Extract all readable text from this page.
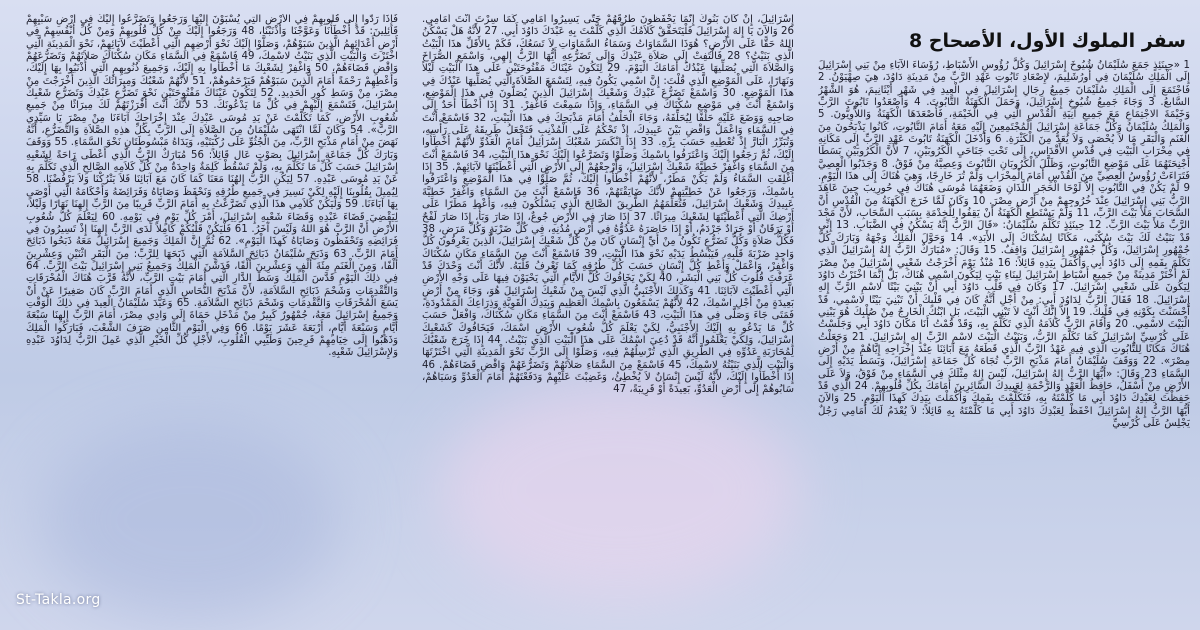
سفر الملوك الأول، الأصحاح 8

1 «حِينَئِذٍ جَمَعَ سُلَيْمَانُ شُيُوخَ إِسْرَائِيلَ وَكُلَّ رُؤُوسِ الأَسْبَاطِ، رُؤَسَاءَ الآبَاءِ مِنْ بَنِي إِسْرَائِيلَ إِلَى الْمَلِكِ سُلَيْمَانَ فِي أُورُشَلِيمَ، لإِصْعَادِ تَابُوتِ عَهْدِ الرَّبِّ مِنْ مَدِينَةِ دَاوُدَ، هِيَ صِهْيَوْنُ. 2 فَاجْتَمَعَ إِلَى الْمَلِكِ سُلَيْمَانَ جَمِيعُ رِجَالِ إِسْرَائِيلَ فِي الْعِيدِ فِي شَهْرِ أَيْثَانِيمَ، هُوَ الشَّهْرُ السَّابعُ. 3 وَجَاءَ جَمِيعُ شُيُوخِ إِسْرَائِيلَ، وَحَمَلَ الْكَهَنَةُ التَّابُوتَ. 4 وَأَصْعَدُوا تَابُوتَ الرَّبِّ وَخَيْمَةَ الاجْتِمَاعِ مَعَ جَمِيعِ آنِيَةِ الْقُدْسِ الَّتِي فِي الْخَيْمَةِ، فَأَصْعَدَهَا الْكَهَنَةُ وَاللاَّوِيُّونَ. 5 وَالْمَلِكُ سُلَيْمَانُ وَكُلُّ جَمَاعَةِ إِسْرَائِيلَ الْمُجْتَمِعِينَ إِلَيْهِ مَعَهُ أَمَامَ التَّابُوتِ، كَانُوا يَذْبَحُونَ مِنَ الْغَنَمِ وَالْبَقَرِ مَا لاَ يُحْصَى وَلاَ يُعَدُّ مِنَ الْكَثْرَةِ. 6 وَأَدْخَلَ الْكَهَنَةُ تَابُوتَ عَهْدِ الرَّبِّ إِلَى مَكَانِهِ فِي مِحْرَابِ الْبَيْتِ فِي قُدْسِ الأَقْدَاسِ، إِلَى تَحْتِ جَنَاحَيِ الْكَرُوبَيْنِ، 7 لأَنَّ الْكَرُوبَيْنِ بَسَطَا أَجْنِحَتَهُمَا عَلَى مَوْضِعِ التَّابُوتِ، وَظَلَّلَ الْكَرُوبَانِ التَّابُوتَ وَعِصِيَّهُ مِنْ فَوْقُ. 8 وَجَذَبُوا الْعِصِيَّ فَتَرَاءَتْ رُؤُوسُ الْعِصِيِّ مِنَ الْقُدْسِ أَمَامَ الْمِحْرَابِ وَلَمْ تُرَ خَارِجًا، وَهِيَ هُنَاكَ إِلَى هذَا الْيَوْمِ. 9 لَمْ يَكُنْ فِي التَّابُوتِ إِلاَّ لَوْحَا الْحَجَرِ اللَّذَانِ وَضَعَهُمَا مُوسَى هُنَاكَ فِي حُورِيبَ حِينَ عَاهَدَ الرَّبُّ بَنِي إِسْرَائِيلَ عِنْدَ خُرُوجِهِمْ مِنْ أَرْضِ مِصْرَ. 10 وَكَانَ لَمَّا خَرَجَ الْكَهَنَةُ مِنَ الْقُدْسِ أَنَّ السَّحَابَ مَلأَ بَيْتَ الرَّبِّ، 11 وَلَمْ يَسْتَطِعِ الْكَهَنَةُ أَنْ يَقِفُوا لِلْخِدْمَةِ بِسَبَبِ السَّحَابِ، لأَنَّ مَجْدَ الرَّبِّ مَلأَ بَيْتَ الرَّبِّ. 12 حِينَئِذٍ تَكَلَّمَ سُلَيْمَانُ: «قَالَ الرَّبُّ إِنَّهُ يَسْكُنُ فِي الضَّبَابِ. 13 إِنِّي قَدْ بَنَيْتُ لَكَ بَيْتَ سُكْنَى، مَكَانًا لِسُكْنَاكَ إِلَى الأَبَدِ». 14 وَحَوَّلَ الْمَلِكُ وَجْهَهُ وَبَارَكَ كُلَّ جُمْهُورِ إِسْرَائِيلَ، وَكُلُّ جُمْهُورِ إِسْرَائِيلَ وَاقِفٌ. 15 وَقَالَ: «مُبَارَكٌ الرَّبُّ إِلهُ إِسْرَائِيلَ الَّذِي تَكَلَّمَ بِفَمِهِ إِلَى دَاوُدَ أَبِي وَأَكْمَلَ بِيَدِهِ قَائِلاً: 16 مُنْذُ يَوْمَ أَخْرَجْتُ شَعْبِي إِسْرَائِيلَ مِنْ مِصْرَ لَمْ أَخْتَرْ مَدِينَةً مِنْ جَمِيعِ أَسْبَاطِ إِسْرَائِيلَ لِبِنَاءِ بَيْتٍ لِيَكُونَ اسْمِي هُنَاكَ، بَلْ إِنَّمَا اخْتَرْتُ دَاوُدَ لِيَكُونَ عَلَى شَعْبِي إِسْرَائِيلَ. 17 وَكَانَ فِي قَلْبِ دَاوُدَ أَبِي أَنْ يَبْنِيَ بَيْتًا لاسْمِ الرَّبِّ إِلهِ إِسْرَائِيلَ. 18 فَقَالَ الرَّبُّ لِدَاوُدَ أَبِي: مِنْ أَجْلِ أَنَّهُ كَانَ فِي قَلْبِكَ أَنْ تَبْنِيَ بَيْتًا لاسْمِي، قَدْ أَحْسَنْتَ بِكَوْنِهِ فِي قَلْبِكَ. 19 إِلاَّ إِنَّكَ أَنْتَ لاَ تَبْنِي الْبَيْتَ، بَلِ ابْنُكَ الْخَارِجُ مِنْ صُلْبِكَ هُوَ يَبْنِي الْبَيْتَ لاسْمِي. 20 وَأَقَامَ الرَّبُّ كَلاَمَهُ الَّذِي تَكَلَّمَ بِهِ، وَقَدْ قُمْتُ أَنَا مَكَانَ دَاوُدَ أَبِي وَجَلَسْتُ عَلَى كُرْسِيِّ إِسْرَائِيلَ كَمَا تَكَلَّمَ الرَّبُّ، وَبَنَيْتُ الْبَيْتَ لاسْمِ الرَّبِّ إِلهِ إِسْرَائِيلَ. 21 وَجَعَلْتُ هُنَاكَ مَكَانًا لِلتَّابُوتِ الَّذِي فِيهِ عَهْدُ الرَّبِّ الَّذِي قَطَعَهُ مَعَ آبَائِنَا عِنْدَ إِخْرَاجِهِ إِيَّاهُمْ مِنْ أَرْضِ مِصْرَ». 22 وَوَقَفَ سُلَيْمَانُ أَمَامَ مَذْبَحِ الرَّبِّ تُجَاهَ كُلِّ جَمَاعَةِ إِسْرَائِيلَ، وَبَسَطَ يَدَيْهِ إِلَى السَّمَاءِ 23 وَقَالَ: «أَيُّهَا الرَّبُّ إِلهُ إِسْرَائِيلَ، لَيْسَ إِلهٌ مِثْلَكَ فِي السَّمَاءِ مِنْ فَوْقُ، وَلاَ عَلَى الأَرْضِ مِنْ أَسْفَلُ، حَافِظُ الْعَهْدِ وَالرَّحْمَةِ لِعَبِيدِكَ السَّائِرِينَ أَمَامَكَ بِكُلِّ قُلُوبِهِمْ. 24 الَّذِي قَدْ حَفِظْتَ لِعَبْدِكَ دَاوُدَ أَبِي مَا كَلَّمْتَهُ بِهِ، فَتَكَلَّمْتَ بِفَمِكَ وَأَكْمَلْتَ بِيَدِكَ كَهذَا الْيَوْمِ. 25 وَالآنَ أَيُّهَا الرَّبُّ إِلهُ إِسْرَائِيلَ احْفَظْ لِعَبْدِكَ دَاوُدَ أَبِي مَا كَلَّمْتَهُ بِهِ قَائِلاً: لاَ يُعْدَمُ لَكَ أَمَامِي رَجُلٌ يَجْلِسُ عَلَى كُرْسِيِّ

إِسْرَائِيلَ، إِنْ كَانَ بَنُوكَ إِنَّمَا يَحْفَظُونَ طُرُقَهُمْ حَتَّى يَسِيرُوا أَمَامِي كَمَا سِرْتَ أَنْتَ أَمَامِي. 26 وَالآنَ يَا إِلهَ إِسْرَائِيلَ فَلْيَتَحَقَّقْ كَلاَمُكَ الَّذِي كَلَّمْتَ بِهِ عَبْدَكَ دَاوُدَ أَبِي. 27 لأَنَّهُ هَلْ يَسْكُنُ اللهُ حَقًّا عَلَى الأَرْضِ؟ هُوَذَا السَّمَاوَاتُ وَسَمَاءُ السَّمَاوَاتِ لاَ تَسَعُكَ، فَكَمْ بِالأَقَلِّ هذَا الْبَيْتُ الَّذِي بَنَيْتُ؟ 28 فَالْتَفِتْ إِلَى صَلاَةِ عَبْدِكَ وَإِلَى تَضَرُّعِهِ أَيُّهَا الرَّبُّ إِلهِي، وَاسْمَعِ الصُّرَاخَ وَالصَّلاَةَ الَّتِي يُصَلِّيهَا عَبْدُكَ أَمَامَكَ الْيَوْمَ. 29 لِتَكُونَ عَيْنَاكَ مَفْتُوحَتَيْنِ عَلَى هذَا الْبَيْتِ لَيْلاً وَنَهَارًا، عَلَى الْمَوْضِعِ الَّذِي قُلْتَ: إِنَّ اسْمِي يَكُونُ فِيهِ، لِتَسْمَعَ الصَّلاَةَ الَّتِي يُصَلِّيهَا عَبْدُكَ فِي هذَا الْمَوْضِعِ. 30 وَاسْمَعْ تَضَرُّعَ عَبْدِكَ وَشَعْبِكَ إِسْرَائِيلَ الَّذِينَ يُصَلُّونَ فِي هذَا الْمَوْضِعِ، وَاسْمَعْ أَنْتَ فِي مَوْضِعِ سُكْنَاكَ فِي السَّمَاءِ، وَإِذَا سَمِعْتَ فَاغْفِرْ. 31 إِذَا أَخْطَأَ أَحَدٌ إِلَى صَاحِبِهِ وَوَضَعَ عَلَيْهِ حَلْفًا لِيُحَلِّفَهُ، وَجَاءَ الْحَلْفُ أَمَامَ مَذْبَحِكَ فِي هذَا الْبَيْتِ، 32 فَاسْمَعْ أَنْتَ فِي السَّمَاءِ وَاعْمَلْ وَاقْضِ بَيْنَ عَبِيدِكَ، إِذْ تَحْكُمُ عَلَى الْمُذْنِبِ فَتَجْعَلُ طَرِيقَهُ عَلَى رَأْسِهِ، وَتُبَرِّرُ الْبَارَّ إِذْ تُعْطِيهِ حَسَبَ بِرِّهِ. 33 إِذَا انْكَسَرَ شَعْبُكَ إِسْرَائِيلُ أَمَامَ الْعَدُوِّ لأَنَّهُمْ أَخْطَأُوا إِلَيْكَ، ثُمَّ رَجَعُوا إِلَيْكَ وَاعْتَرَفُوا بِاسْمِكَ وَصَلَّوْا وَتَضَرَّعُوا إِلَيْكَ نَحْوَ هذَا الْبَيْتِ، 34 فَاسْمَعْ أَنْتَ مِنَ السَّمَاءِ وَاغْفِرْ خَطِيَّةَ شَعْبِكَ إِسْرَائِيلَ، وَأَرْجِعْهُمْ إِلَى الأَرْضِ الَّتِي أَعْطَيْتَهَا لآبَائِهِمْ. 35 إِذَا أُغْلِقَتِ السَّمَاءُ وَلَمْ يَكُنْ مَطَرٌ، لأَنَّهُمْ أَخْطَأُوا إِلَيْكَ، ثُمَّ صَلَّوْا فِي هذَا الْمَوْضِعِ وَاعْتَرَفُوا بِاسْمِكَ، وَرَجَعُوا عَنْ خَطِيَّتِهِمْ لأَنَّكَ ضَايَقْتَهُمْ، 36 فَاسْمَعْ أَنْتَ مِنَ السَّمَاءِ وَاغْفِرْ خَطِيَّةَ عَبِيدِكَ وَشَعْبِكَ إِسْرَائِيلَ، فَتُعَلِّمَهُمُ الطَّرِيقَ الصَّالِحَ الَّذِي يَسْلُكُونَ فِيهِ، وَأَعْطِ مَطَرًا عَلَى أَرْضِكَ الَّتِي أَعْطَيْتَهَا لِشَعْبِكَ مِيرَاثًا. 37 إِذَا صَارَ فِي الأَرْضِ جُوعٌ، إِذَا صَارَ وَبَأٌ، إِذَا صَارَ لَفْحٌ أَوْ يَرَقَانٌ أَوْ جَرَادٌ جَرْدَمٌ، أَوْ إِذَا حَاصَرَهُ عَدُوُّهُ فِي أَرْضِ مُدُنِهِ، فِي كُلِّ ضَرْبَةٍ وَكُلِّ مَرَضٍ، 38 فَكُلُّ صَلاَةٍ وَكُلُّ تَضَرُّعٍ تَكُونُ مِنْ أَيِّ إِنْسَانٍ كَانَ مِنْ كُلِّ شَعْبِكَ إِسْرَائِيلَ، الَّذِينَ يَعْرِفُونَ كُلُّ وَاحِدٍ ضَرْبَةَ قَلْبِهِ، فَيَبْسُطُ يَدَيْهِ نَحْوَ هذَا الْبَيْتِ، 39 فَاسْمَعْ أَنْتَ مِنَ السَّمَاءِ مَكَانِ سُكْنَاكَ وَاغْفِرْ، وَاعْمَلْ وَأَعْطِ كُلَّ إِنْسَانٍ حَسَبَ كُلِّ طُرُقِهِ كَمَا تَعْرِفُ قَلْبَهُ. لأَنَّكَ أَنْتَ وَحْدَكَ قَدْ عَرَفْتَ قُلُوبَ كُلِّ بَنِي الْبَشَرِ، 40 لِكَيْ يَخَافُوكَ كُلَّ الأَيَّامِ الَّتِي يَحْيَوْنَ فِيهَا عَلَى وَجْهِ الأَرْضِ الَّتِي أَعْطَيْتَ لآبَائِنَا. 41 وَكَذلِكَ الأَجْنَبِيُّ الَّذِي لَيْسَ مِنْ شَعْبِكَ إِسْرَائِيلَ هُوَ، وَجَاءَ مِنْ أَرْضٍ بَعِيدَةٍ مِنْ أَجْلِ اسْمِكَ، 42 لأَنَّهُمْ يَسْمَعُونَ بِاسْمِكَ الْعَظِيمِ وَبِيَدِكَ الْقَوِيَّةِ وَذِرَاعِكَ الْمَمْدُودَةِ، فَمَتَى جَاءَ وَصَلَّى فِي هذَا الْبَيْتِ، 43 فَاسْمَعْ أَنْتَ مِنَ السَّمَاءِ مَكَانِ سُكْنَاكَ، وَافْعَلْ حَسَبَ كُلِّ مَا يَدْعُو بِهِ إِلَيْكَ الأَجْنَبِيُّ، لِكَيْ يَعْلَمَ كُلُّ شُعُوبِ الأَرْضِ اسْمَكَ، فَيَخَافُوكَ كَشَعْبِكَ إِسْرَائِيلَ، وَلِكَيْ يَعْلَمُوا أَنَّهُ قَدْ دُعِيَ اسْمُكَ عَلَى هذَا الْبَيْتِ الَّذِي بَنَيْتُ. 44 إِذَا خَرَجَ شَعْبُكَ لِمُحَارَبَةِ عَدُوِّهِ فِي الطَّرِيقِ الَّذِي تُرْسِلُهُمْ فِيهِ، وَصَلَّوْا إِلَى الرَّبِّ نَحْوَ الْمَدِينَةِ الَّتِي اخْتَرْتَهَا وَالْبَيْتِ الَّذِي بَنَيْتُهُ لاسْمِكَ، 45 فَاسْمَعْ مِنَ السَّمَاءِ صَلاَتَهُمْ وَتَضَرُّعَهُمْ وَاقْضِ قَضَاءَهُمْ. 46 إِذَا أَخْطَأُوا إِلَيْكَ، لأَنَّهُ لَيْسَ إِنْسَانٌ لاَ يُخْطِئُ، وَغَضِبْتَ عَلَيْهِمْ وَدَفَعْتَهُمْ أَمَامَ الْعَدُوِّ وَسَبَاهُمْ، سَابُوهُمْ إِلَى أَرْضِ الْعَدُوِّ، بَعِيدَةً أَوْ قَرِيبَةً، 47

فَإِذَا رَدُّوا إِلَى قُلُوبِهِمْ فِي الأَرْضِ الَّتِي يُسْبَوْنَ إِلَيْهَا وَرَجَعُوا وَتَضَرَّعُوا إِلَيْكَ فِي أَرْضِ سَبْيِهِمْ قَائِلِينَ: قَدْ أَخْطَأْنَا وَعَوَّجْنَا وَأَذْنَبْنَا، 48 وَرَجَعُوا إِلَيْكَ مِنْ كُلِّ قُلُوبِهِمْ وَمِنْ كُلِّ أَنْفُسِهِمْ فِي أَرْضِ أَعْدَائِهِمُ الَّذِينَ سَبَوْهُمْ، وَصَلَّوْا إِلَيْكَ نَحْوَ أَرْضِهِمِ الَّتِي أَعْطَيْتَ لآبَائِهِمْ، نَحْوَ الْمَدِينَةِ الَّتِي اخْتَرْتَ وَالْبَيْتِ الَّذِي بَنَيْتُ لاسْمِكَ، 49 فَاسْمَعْ فِي السَّمَاءِ مَكَانِ سُكْنَاكَ صَلاَتَهُمْ وَتَضَرُّعَهُمْ وَاقْضِ قَضَاءَهُمْ، 50 وَاغْفِرْ لِشَعْبِكَ مَا أَخْطَأُوا بِهِ إِلَيْكَ، وَجَمِيعَ ذُنُوبِهِمِ الَّتِي أَذْنَبُوا بِهَا إِلَيْكَ، وَأَعْطِهِمْ رَحْمَةً أَمَامَ الَّذِينَ سَبَوْهُمْ فَيَرْحَمُوهُمْ، 51 لأَنَّهُمْ شَعْبُكَ وَمِيرَاثُكَ الَّذِينَ أَخْرَجْتَ مِنْ مِصْرَ، مِنْ وَسَطِ كُورِ الْحَدِيدِ. 52 لِتَكُونَ عَيْنَاكَ مَفْتُوحَتَيْنِ نَحْوَ تَضَرُّعِ عَبْدِكَ وَتَضَرُّعِ شَعْبِكَ إِسْرَائِيلَ، فَتَسْمَعَ إِلَيْهِمْ فِي كُلِّ مَا يَدْعُونَكَ. 53 لأَنَّكَ أَنْتَ أَفْرَزْتَهُمْ لَكَ مِيرَاثًا مِنْ جَمِيعِ شُعُوبِ الأَرْضِ، كَمَا تَكَلَّمْتَ عَنْ يَدِ مُوسَى عَبْدِكَ عِنْدَ إِخْرَاجِكَ آبَاءَنَا مِنْ مِصْرَ يَا سَيِّدِي الرَّبَّ». 54 وَكَانَ لَمَّا انْتَهَى سُلَيْمَانُ مِنَ الصَّلاَةِ إِلَى الرَّبِّ بِكُلِّ هذِهِ الصَّلاَةِ وَالتَّضَرُّعِ، أَنَّهُ نَهَضَ مِنْ أَمَامِ مَذْبَحِ الرَّبِّ، مِنَ الْجُثُوِّ عَلَى رُكْبَتَيْهِ، وَيَدَاهُ مَبْسُوطَتَانِ نَحْوَ السَّمَاءِ. 55 وَوَقَفَ وَبَارَكَ كُلَّ جَمَاعَةِ إِسْرَائِيلَ بِصَوْتٍ عَال قَائِلاً: 56 مُبَارَكٌ الرَّبُّ الَّذِي أَعْطَى رَاحَةً لِشَعْبِهِ إِسْرَائِيلَ حَسَبَ كُلِّ مَا تَكَلَّمَ بِهِ، وَلَمْ تَسْقُطْ كَلِمَةٌ وَاحِدَةٌ مِنْ كُلِّ كَلاَمِهِ الصَّالِحِ الَّذِي تَكَلَّمَ بِهِ عَنْ يَدِ مُوسَى عَبْدِهِ. 57 لِيَكُنِ الرَّبُّ إِلهُنَا مَعَنَا كَمَا كَانَ مَعَ آبَائِنَا فَلاَ يَتْرُكْنَا وَلاَ يَرْفُضْنَا. 58 لِيُمِيلَ بِقُلُوبِنَا إِلَيْهِ لِكَيْ نَسِيرَ فِي جَمِيعِ طُرُقِهِ وَنَحْفَظَ وَصَايَاهُ وَفَرَائِضَهُ وَأَحْكَامَهُ الَّتِي أَوْصَى بِهَا آبَاءَنَا. 59 وَلْيَكُنْ كَلاَمِي هذَا الَّذِي تَضَرَّعْتُ بِهِ أَمَامَ الرَّبِّ قَرِيبًا مِنَ الرَّبِّ إِلهِنَا نَهَارًا وَلَيْلاً، لِيَقْضِيَ قَضَاءَ عَبْدِهِ وَقَضَاءَ شَعْبِهِ إِسْرَائِيلَ، أَمْرَ كُلِّ يَوْمٍ فِي يَوْمِهِ. 60 لِيَعْلَمَ كُلُّ شُعُوبِ الأَرْضِ أَنَّ الرَّبَّ هُوَ اللهُ وَلَيْسَ آخَرُ. 61 فَلْيَكُنْ قَلْبُكُمْ كَامِلاً لَدَى الرَّبِّ إِلهِنَا إِذْ تَسِيرُونَ فِي فَرَائِضِهِ وَتَحْفَظُونَ وَصَايَاهُ كَهذَا الْيَوْمِ». 62 ثُمَّ إِنَّ الْمَلِكَ وَجَمِيعَ إِسْرَائِيلَ مَعَهُ ذَبَحُوا ذَبَائِحَ أَمَامَ الرَّبِّ. 63 وَذَبَحَ سُلَيْمَانُ ذَبَائِحَ السَّلاَمَةِ الَّتِي ذَبَحَهَا لِلرَّبِّ: مِنَ الْبَقَرِ اثْنَيْنِ وَعِشْرِينَ أَلْفًا، وَمِنَ الْغَنَمِ مِئَةَ أَلْفٍ وَعِشْرِينَ أَلْفًا، فَدَشَّنَ الْمَلِكُ وَجَمِيعُ بَنِي إِسْرَائِيلَ بَيْتَ الرَّبِّ. 64 فِي ذلِكَ الْيَوْمِ قَدَّسَ الْمَلِكُ وَسَطَ الدَّارِ الَّتِي أَمَامَ بَيْتِ الرَّبِّ، لأَنَّهُ قَرَّبَ هُنَاكَ الْمُحْرَقَاتِ وَالتَّقْدِمَاتِ وَشَحْمَ ذَبَائِحِ السَّلاَمَةِ، لأَنَّ مَذْبَحَ النُّحَاسِ الَّذِي أَمَامَ الرَّبِّ كَانَ صَغِيرًا عَنْ أَنْ يَسَعَ الْمُحْرَقَاتِ وَالتَّقْدِمَاتِ وَشَحْمَ ذَبَائِحِ السَّلاَمَةِ. 65 وَعَيَّدَ سُلَيْمَانُ الْعِيدَ فِي ذلِكَ الْوَقْتِ وَجَمِيعُ إِسْرَائِيلَ مَعَهُ، جُمْهُورٌ كَبِيرٌ مِنْ مَدْخَلِ حَمَاةَ إِلَى وَادِي مِصْرَ، أَمَامَ الرَّبِّ إِلهِنَا سَبْعَةَ أَيَّامٍ وَسَبْعَةَ أَيَّامٍ، أَرْبَعَةَ عَشَرَ يَوْمًا. 66 وَفِي الْيَوْمِ الثَّامِنِ صَرَفَ الشَّعْبَ، فَبَارَكُوا الْمَلِكَ وَذَهَبُوا إِلَى خِيَامِهِمْ فَرِحِينَ وَطَيِّبِي الْقُلُوبِ، لأَجْلِ كُلِّ الْخَيْرِ الَّذِي عَمِلَ الرَّبُّ لِدَاوُدَ عَبْدِهِ وَلإِسْرَائِيلَ شَعْبِهِ.

St-Takla.org
